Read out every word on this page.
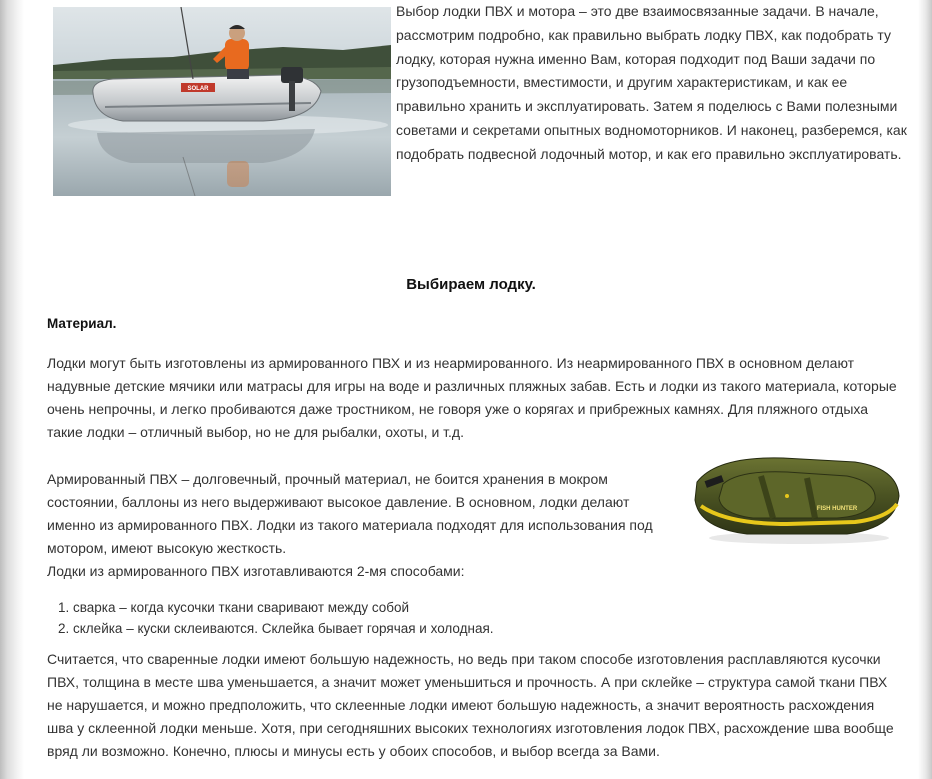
SOLAR

Выбор лодки ПВХ и мотора – это две взаимосвязанные задачи. В начале, рассмотрим подробно, как правильно выбрать лодку ПВХ, как подобрать ту лодку, которая нужна именно Вам, которая подходит под Ваши задачи по грузоподъемности, вместимости, и другим характеристикам, и как ее правильно хранить и эксплуатировать. Затем я поделюсь с Вами полезными советами и секретами опытных водномоторников. И наконец, разберемся, как подобрать подвесной лодочный мотор, и как его правильно эксплуатировать.

Выбираем лодку.
Материал.

Лодки могут быть изготовлены из армированного ПВХ и из неармированного. Из неармированного ПВХ в основном делают надувные детские мячики или матрасы для игры на воде и различных пляжных забав. Есть и лодки из такого материала, которые очень непрочны, и легко пробиваются даже тростником, не говоря уже о корягах и прибрежных камнях. Для пляжного отдыха такие лодки – отличный выбор, но не для рыбалки, охоты, и т.д.

Армированный ПВХ – долговечный, прочный материал, не боится хранения в мокром состоянии, баллоны из него выдерживают высокое давление. В основном, лодки делают именно из армированного ПВХ. Лодки из такого материала подходят для использования под мотором, имеют высокую жесткость.
Лодки из армированного ПВХ изготавливаются 2-мя способами:

FISH HUNTER
1. сварка – когда кусочки ткани сваривают между собой
2. склейка – куски склеиваются. Склейка бывает горячая и холодная.

Считается, что сваренные лодки имеют большую надежность, но ведь при таком способе изготовления расплавляются кусочки ПВХ, толщина в месте шва уменьшается, а значит может уменьшиться и прочность. А при склейке – структура самой ткани ПВХ не нарушается, и можно предположить, что склеенные лодки имеют большую надежность, а значит вероятность расхождения шва у склеенной лодки меньше. Хотя, при сегодняшних высоких технологиях изготовления лодок ПВХ, расхождение шва вообще вряд ли возможно. Конечно, плюсы и минусы есть у обоих способов, и выбор всегда за Вами.
